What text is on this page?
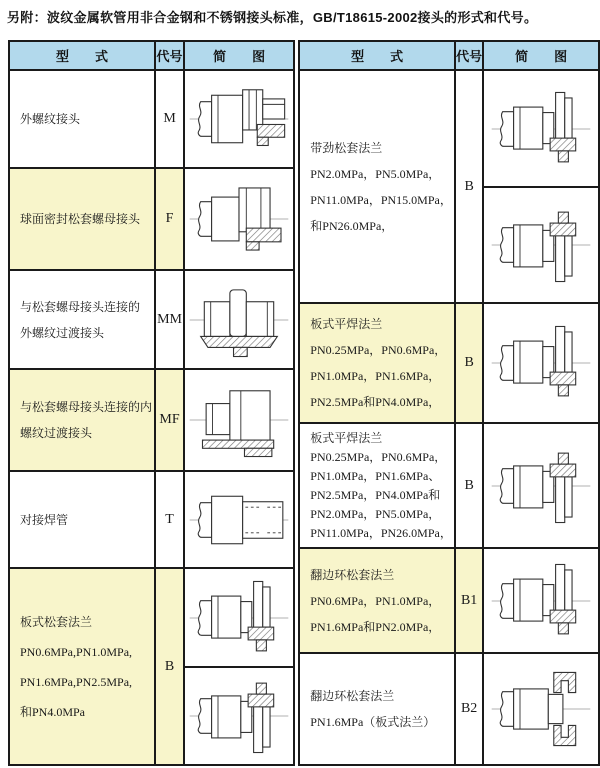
另附：波纹金属软管用非合金钢和不锈钢接头标准，GB/T18615-2002接头的形式和代号。
型　　式	代号	简　　图

外螺纹接头	M	

球面密封松套螺母接头	F	

与松套螺母接头连接的
外螺纹过渡接头	MM	

与松套螺母接头连接的内
螺纹过渡接头	MF	

对接焊管	T	

板式松套法兰
PN0.6MPa,PN1.0MPa,
PN1.6MPa,PN2.5MPa,
和PN4.0MPa	B	
型　　式	代号	简　　图

带劲松套法兰
PN2.0MPa，PN5.0MPa，
PN11.0MPa，PN15.0MPa，
和PN26.0MPa，	B	

板式平焊法兰
PN0.25MPa，PN0.6MPa，
PN1.0MPa，PN1.6MPa，
PN2.5MPa和PN4.0MPa，	B	

板式平焊法兰
PN0.25MPa，PN0.6MPa，
PN1.0MPa，PN1.6MPa、
PN2.5MPa，PN4.0MPa和
PN2.0MPa，PN5.0MPa，
PN11.0MPa，PN26.0MPa，
	B	

翻边环松套法兰
PN0.6MPa，PN1.0MPa，
PN1.6MPa和PN2.0MPa，	B1	

翻边环松套法兰
PN1.6MPa（板式法兰）	B2	
